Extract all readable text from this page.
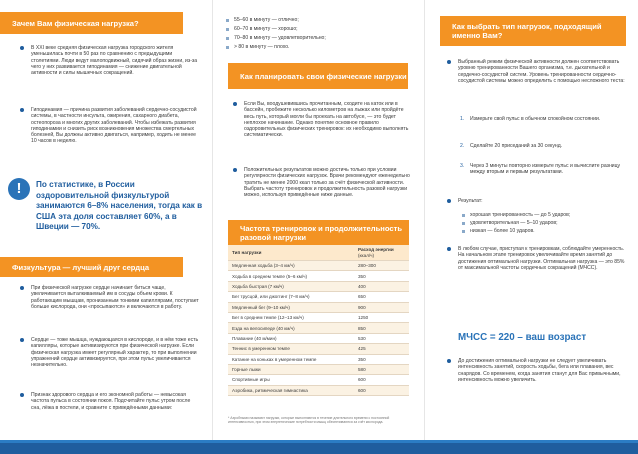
Зачем Вам физическая нагрузка?
В XXI веке средняя физическая нагрузка городского жителя уменьшилась почти в 50 раз по сравнению с предыдущими столетиями. Люди ведут малоподвижный, сидячий образ жизни, из-за чего у них развивается гиподинамия — снижение двигательной активности и силы мышечных сокращений.
Гиподинамия — причина развития заболеваний сердечно-сосудистой системы, в частности инсульта, ожирения, сахарного диабета, остеопороза и многих других заболеваний. Чтобы избежать развития гиподинамии и снизить риск возникновения множества смертельных болезней, Вы должны активно двигаться, например, ходить не менее 10 часов в неделю.
!	По статистике, в России оздоровительной физкультурой занимаются 6–8% населения, тогда как в США эта доля составляет 60%, а в Швеции — 70%.
Физкультура — лучший друг сердца
При физической нагрузке сердце начинает биться чаще, увеличивается выталкиваемый им в сосуды объем крови. К работающим мышцам, пронизанным тонкими капиллярами, поступает больше кислорода, они «просыпаются» и включаются в работу.
Сердце — тоже мышца, нуждающаяся в кислороде, и в нём тоже есть капилляры, которые активизируются при физической нагрузке. Если физическая нагрузка имеет регулярный характер, то при выполнении упражнений сердце активизируется, при этом пульс увеличивается незначительно.
Признак здорового сердца и его экономной работы — невысокая частота пульса в состоянии покоя. Подсчитайте пульс утром после сна, лёжа в постели, и сравните с приведёнными данными:
55–60 в минуту — отлично;
60–70 в минуту — хорошо;
70–80 в минуту — удовлетворительно;
> 80 в минуту — плохо.
Как планировать свои физические нагрузки
Если Вы, воодушевившись прочитанным, сходите на каток или в бассейн, пробежите несколько километров на лыжах или пройдёте весь путь, который могли бы проехать на автобусе, — это будет неплохое начинание. Однако понятие основное правило оздоровительных физических тренировок: их необходимо выполнять систематически.
Положительных результатов можно достичь только при условии регулярности физических нагрузок. Врачи рекомендуют еженедельно тратить не менее 2000 ккал только за счёт физической активности. Выбрать частоту тренировок и продолжительность разовой нагрузки можно, используя приведённые ниже данные.
Частота тренировок и продолжительность разовой нагрузки
Тип нагрузки
Расход энергии
(ккал/ч)
Медленная ходьба (3–4 км/ч)	280–300
Ходьба в среднем темпе (5–6 км/ч)	350
Ходьба быстрая (7 км/ч)	400
Бег трусцой, или джоггинг (7–8 км/ч)	650
Медленный бег (9–10 км/ч)	900
Бег в среднем темпе (12–13 км/ч)	1250
Езда на велосипеде (40 км/ч)	850
Плавание (40 м/мин)	530
Теннис в умеренном темпе	425
Катание на коньках в умеренном темпе	350
Горные лыжи	580
Спортивные игры	600
Аэробика, ритмическая гимнастика	600
* Аэробными называют нагрузки, которые выполняются в течение длительного времени с постоянной интенсивностью, при этом энергетические потребности мышц обеспечиваются за счёт кислорода.
Как выбрать тип нагрузок, подходящий именно Вам?
Выбранный режим физической активности должен соответствовать уровню тренированности Вашего организма, т.е. дыхательной и сердечно-сосудистой систем. Уровень тренированности сердечно-сосудистой системы можно определить с помощью несложного теста:
1. Измерьте свой пульс в обычном спокойном состоянии.
2. Сделайте 20 приседаний за 30 секунд.
3. Через 3 минуты повторно измерьте пульс и вычислите разницу между вторым и первым результатами.
Результат:
хорошая тренированность — до 5 ударов;
удовлетворительная — 5–10 ударов;
низкая — более 10 ударов.
В любом случае, приступая к тренировкам, соблюдайте умеренность. На начальном этапе тренировок увеличивайте время занятий до достижения оптимальной нагрузки. Оптимальная нагрузка — это 85% от максимальной частоты сердечных сокращений (МЧСС).
МЧСС = 220 – ваш возраст
До достижения оптимальной нагрузки не следует увеличивать интенсивность занятий, скорость ходьбы, бега или плавания, вес снарядов. Со временем, когда занятия станут для Вас привычными, интенсивность можно увеличить.
